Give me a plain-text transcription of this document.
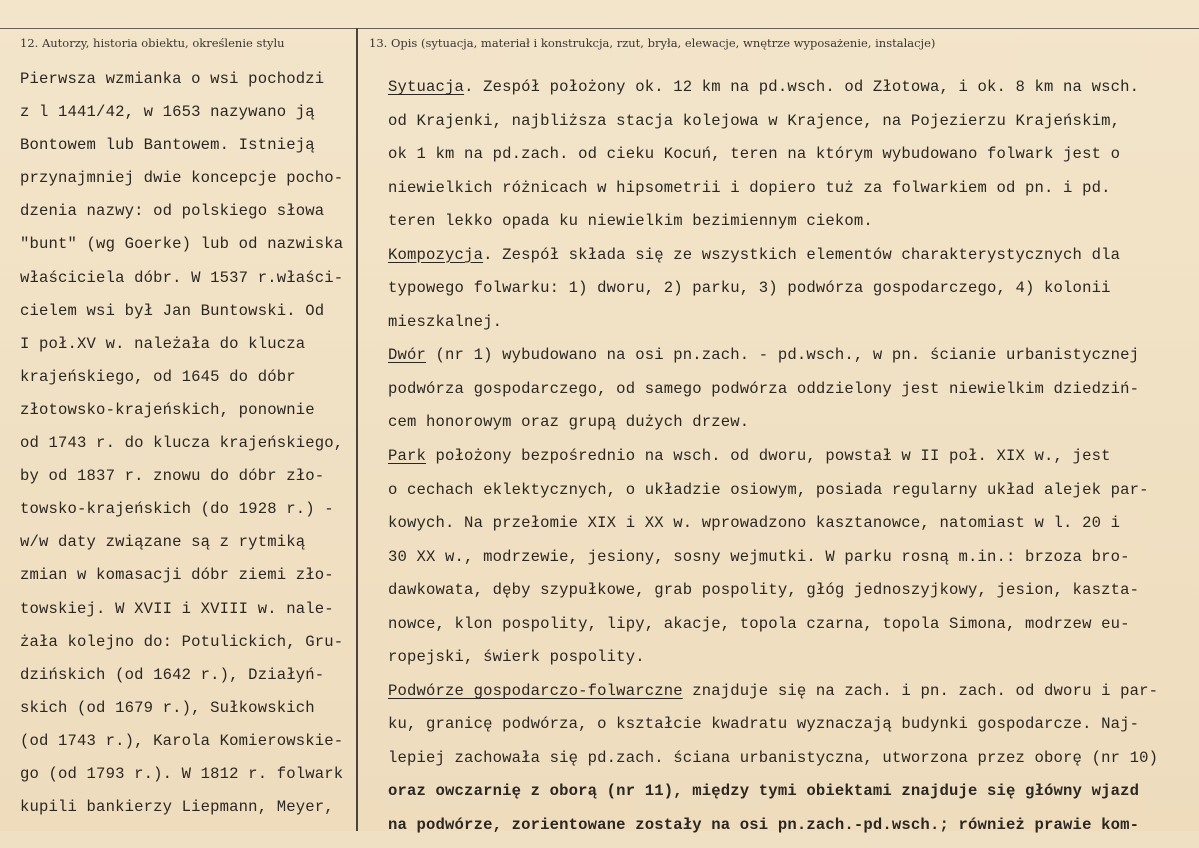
12. Autorzy, historia obiektu, określenie stylu	13. Opis (sytuacja, materiał i konstrukcja, rzut, bryła, elewacje, wnętrze wyposażenie, instalacje)
Pierwsza wzmianka o wsi pochodzi
z l 1441/42, w 1653 nazywano ją
Bontowem lub Bantowem. Istnieją
przynajmniej dwie koncepcje pocho-
dzenia nazwy: od polskiego słowa
"bunt" (wg Goerke) lub od nazwiska
właściciela dóbr. W 1537 r.właści-
cielem wsi był Jan Buntowski. Od
I poł.XV w. należała do klucza
krajeńskiego, od 1645 do dóbr
złotowsko-krajeńskich, ponownie
od 1743 r. do klucza krajeńskiego,
by od 1837 r. znowu do dóbr zło-
towsko-krajeńskich (do 1928 r.) -
w/w daty związane są z rytmiką
zmian w komasacji dóbr ziemi zło-
towskiej. W XVII i XVIII w. nale-
żała kolejno do: Potulickich, Gru-
dzińskich (od 1642 r.), Działyń-
skich (od 1679 r.), Sułkowskich
(od 1743 r.), Karola Komierowskie-
go (od 1793 r.). W 1812 r. folwark
kupili bankierzy Liepmann, Meyer,
Sytuacja. Zespół położony ok. 12 km na pd.wsch. od Złotowa, i ok. 8 km na wsch.
od Krajenki, najbliższa stacja kolejowa w Krajence, na Pojezierzu Krajeńskim,
ok 1 km na pd.zach. od cieku Kocuń, teren na którym wybudowano folwark jest o
niewielkich różnicach w hipsometrii i dopiero tuż za folwarkiem od pn. i pd.
teren lekko opada ku niewielkim bezimiennym ciekom.
Kompozycja. Zespół składa się ze wszystkich elementów charakterystycznych dla
typowego folwarku: 1) dworu, 2) parku, 3) podwórza gospodarczego, 4) kolonii
mieszkalnej.
Dwór (nr 1) wybudowano na osi pn.zach. - pd.wsch., w pn. ścianie urbanistycznej
podwórza gospodarczego, od samego podwórza oddzielony jest niewielkim dziedziń-
cem honorowym oraz grupą dużych drzew.
Park położony bezpośrednio na wsch. od dworu, powstał w II poł. XIX w., jest
o cechach eklektycznych, o układzie osiowym, posiada regularny układ alejek par-
kowych. Na przełomie XIX i XX w. wprowadzono kasztanowce, natomiast w l. 20 i
30 XX w., modrzewie, jesiony, sosny wejmutki. W parku rosną m.in.: brzoza bro-
dawkowata, dęby szypułkowe, grab pospolity, głóg jednoszyjkowy, jesion, kaszta-
nowce, klon pospolity, lipy, akacje, topola czarna, topola Simona, modrzew eu-
ropejski, świerk pospolity.
Podwórze gospodarczo-folwarczne znajduje się na zach. i pn. zach. od dworu i par-
ku, granicę podwórza, o kształcie kwadratu wyznaczają budynki gospodarcze. Naj-
lepiej zachowała się pd.zach. ściana urbanistyczna, utworzona przez oborę (nr 10)
oraz owczarnię z oborą (nr 11), między tymi obiektami znajduje się główny wjazd
na podwórze, zorientowane zostały na osi pn.zach.-pd.wsch.; również prawie kom-
